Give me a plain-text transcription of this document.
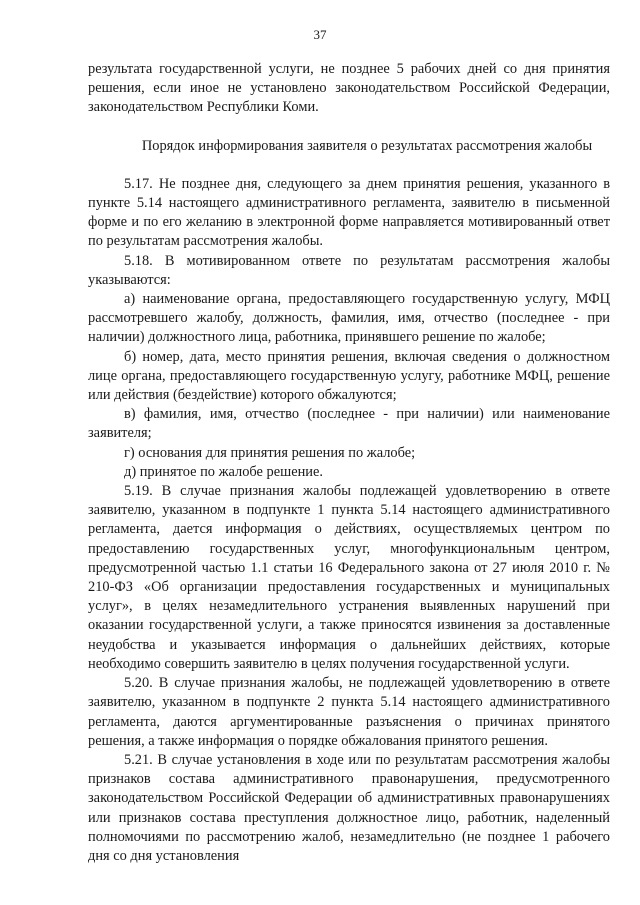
37

результата государственной услуги, не позднее 5 рабочих дней со дня принятия решения, если иное не установлено законодательством Российской Федерации, законодательством Республики Коми.

Порядок информирования заявителя о результатах рассмотрения жалобы

5.17. Не позднее дня, следующего за днем принятия решения, указанного в пункте 5.14 настоящего административного регламента, заявителю в письменной форме и по его желанию в электронной форме направляется мотивированный ответ по результатам рассмотрения жалобы.

5.18. В мотивированном ответе по результатам рассмотрения жалобы указываются:

а) наименование органа, предоставляющего государственную услугу, МФЦ рассмотревшего жалобу, должность, фамилия, имя, отчество (последнее - при наличии) должностного лица, работника, принявшего решение по жалобе;

б) номер, дата, место принятия решения, включая сведения о должностном лице органа, предоставляющего государственную услугу, работнике МФЦ, решение или действия (бездействие) которого обжалуются;

в) фамилия, имя, отчество (последнее - при наличии) или наименование заявителя;

г) основания для принятия решения по жалобе;

д) принятое по жалобе решение.

5.19. В случае признания жалобы подлежащей удовлетворению в ответе заявителю, указанном в подпункте 1 пункта 5.14 настоящего административного регламента, дается информация о действиях, осуществляемых центром по предоставлению государственных услуг, многофункциональным центром, предусмотренной частью 1.1 статьи 16 Федерального закона от 27 июля 2010 г. № 210-ФЗ «Об организации предоставления государственных и муниципальных услуг», в целях незамедлительного устранения выявленных нарушений при оказании государственной услуги, а также приносятся извинения за доставленные неудобства и указывается информация о дальнейших действиях, которые необходимо совершить заявителю в целях получения государственной услуги.

5.20. В случае признания жалобы, не подлежащей удовлетворению в ответе заявителю, указанном в подпункте 2 пункта 5.14 настоящего административного регламента, даются аргументированные разъяснения о причинах принятого решения, а также информация о порядке обжалования принятого решения.

5.21. В случае установления в ходе или по результатам рассмотрения жалобы признаков состава административного правонарушения, предусмотренного законодательством Российской Федерации об административных правонарушениях или признаков состава преступления должностное лицо, работник, наделенный полномочиями по рассмотрению жалоб, незамедлительно (не позднее 1 рабочего дня со дня установления
